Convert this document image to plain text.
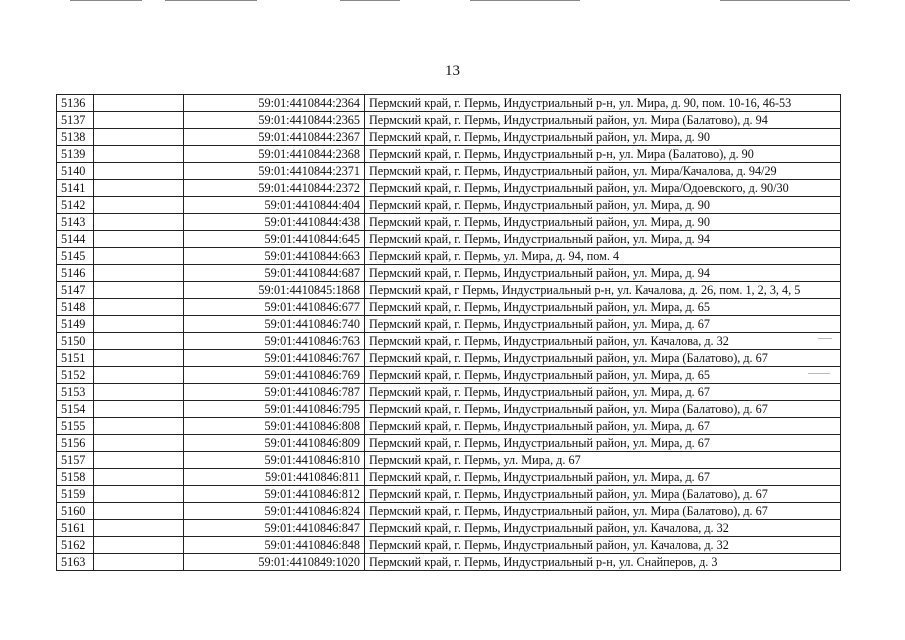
13
5136		59:01:4410844:2364	Пермский край, г. Пермь, Индустриальный р-н, ул. Мира, д. 90, пом. 10-16, 46-53
5137		59:01:4410844:2365	Пермский край, г. Пермь, Индустриальный район, ул. Мира (Балатово), д. 94
5138		59:01:4410844:2367	Пермский край, г. Пермь, Индустриальный район, ул. Мира, д. 90
5139		59:01:4410844:2368	Пермский край, г. Пермь, Индустриальный р-н, ул. Мира (Балатово), д. 90
5140		59:01:4410844:2371	Пермский край, г. Пермь, Индустриальный район, ул. Мира/Качалова, д. 94/29
5141		59:01:4410844:2372	Пермский край, г. Пермь, Индустриальный район, ул. Мира/Одоевского, д. 90/30
5142		59:01:4410844:404	Пермский край, г. Пермь, Индустриальный район, ул. Мира, д. 90
5143		59:01:4410844:438	Пермский край, г. Пермь, Индустриальный район, ул. Мира, д. 90
5144		59:01:4410844:645	Пермский край, г. Пермь, Индустриальный район, ул. Мира, д. 94
5145		59:01:4410844:663	Пермский край, г. Пермь, ул. Мира, д. 94, пом. 4
5146		59:01:4410844:687	Пермский край, г. Пермь, Индустриальный район, ул. Мира, д. 94
5147		59:01:4410845:1868	Пермский край, г Пермь, Индустриальный р-н, ул. Качалова, д. 26, пом. 1, 2, 3, 4, 5
5148		59:01:4410846:677	Пермский край, г. Пермь, Индустриальный район, ул. Мира, д. 65
5149		59:01:4410846:740	Пермский край, г. Пермь, Индустриальный район, ул. Мира, д. 67
5150		59:01:4410846:763	Пермский край, г. Пермь, Индустриальный район, ул. Качалова, д. 32
5151		59:01:4410846:767	Пермский край, г. Пермь, Индустриальный район, ул. Мира (Балатово), д. 67
5152		59:01:4410846:769	Пермский край, г. Пермь, Индустриальный район, ул. Мира, д. 65
5153		59:01:4410846:787	Пермский край, г. Пермь, Индустриальный район, ул. Мира, д. 67
5154		59:01:4410846:795	Пермский край, г. Пермь, Индустриальный район, ул. Мира (Балатово), д. 67
5155		59:01:4410846:808	Пермский край, г. Пермь, Индустриальный район, ул. Мира, д. 67
5156		59:01:4410846:809	Пермский край, г. Пермь, Индустриальный район, ул. Мира, д. 67
5157		59:01:4410846:810	Пермский край, г. Пермь, ул. Мира, д. 67
5158		59:01:4410846:811	Пермский край, г. Пермь, Индустриальный район, ул. Мира, д. 67
5159		59:01:4410846:812	Пермский край, г. Пермь, Индустриальный район, ул. Мира (Балатово), д. 67
5160		59:01:4410846:824	Пермский край, г. Пермь, Индустриальный район, ул. Мира (Балатово), д. 67
5161		59:01:4410846:847	Пермский край, г. Пермь, Индустриальный район, ул. Качалова, д. 32
5162		59:01:4410846:848	Пермский край, г. Пермь, Индустриальный район, ул. Качалова, д. 32
5163		59:01:4410849:1020	Пермский край, г. Пермь, Индустриальный р-н, ул. Снайперов, д. 3
